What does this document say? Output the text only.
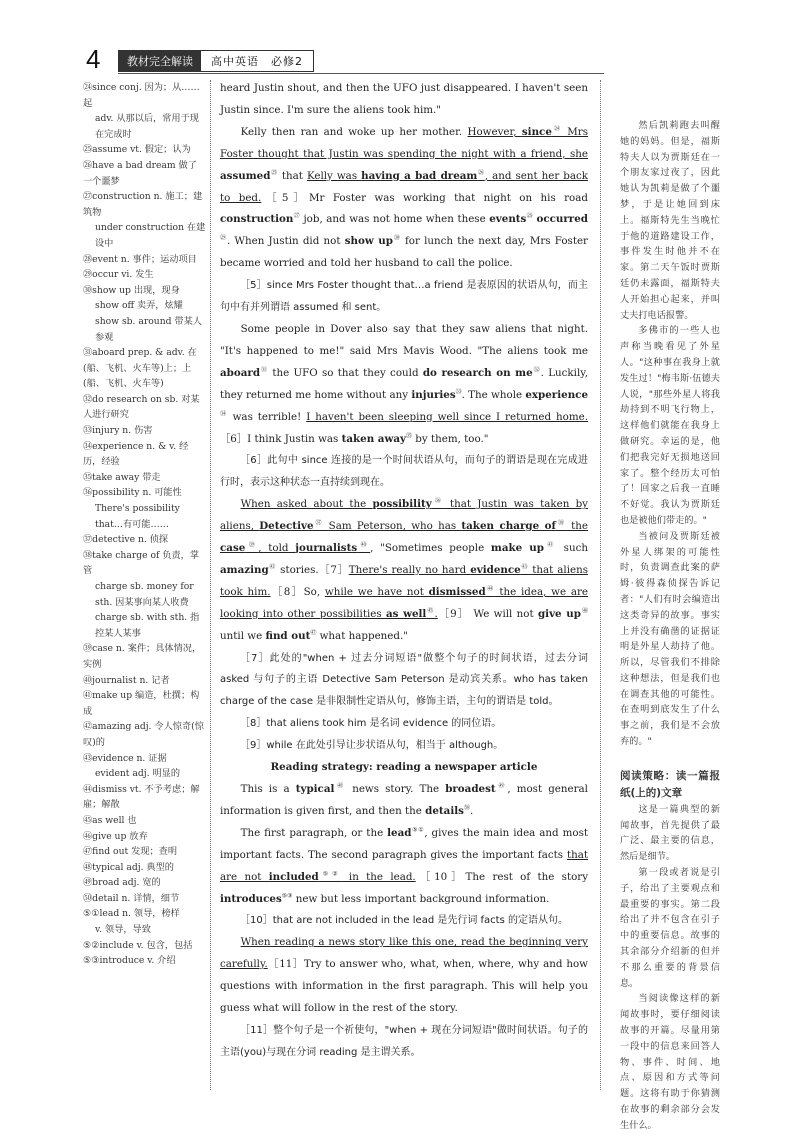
4	教材完全解读	高中英语　必修2
㉔since conj. 因为；从……起
adv. 从那以后，常用于现在完成时
㉕assume vt. 假定；认为
㉖have a bad dream 做了一个噩梦
㉗construction n. 施工；建筑物
under construction 在建设中
㉘event n. 事件；运动项目
㉙occur vi. 发生
㉚show up 出现，现身
show off 卖弄，炫耀
show sb. around 带某人参观
㉛aboard prep. & adv. 在(船、飞机、火车等)上；上(船、飞机、火车等)
㉜do research on sb. 对某人进行研究
㉝injury n. 伤害
㉞experience n. & v. 经历，经验
㉟take away 带走
㊱possibility n. 可能性
There's possibility that…有可能……
㊲detective n. 侦探
㊳take charge of 负责，掌管
charge sb. money for sth. 因某事向某人收费
charge sb. with sth. 指控某人某事
㊴case n. 案件；具体情况，实例
㊵journalist n. 记者
㊶make up 编造，杜撰；构成
㊷amazing adj. 令人惊奇(惊叹)的
㊸evidence n. 证据
evident adj. 明显的
㊹dismiss vt. 不予考虑；解雇；解散
㊺as well 也
㊻give up 放弃
㊼find out 发现；查明
㊽typical adj. 典型的
㊾broad adj. 宽的
㊿detail n. 详情，细节
⑤①lead n. 领导，榜样
v. 领导，导致
⑤②include v. 包含，包括
⑤③introduce v. 介绍

heard Justin shout, and then the UFO just disappeared. I haven't seen Justin since. I'm sure the aliens took him."

Kelly then ran and woke up her mother. However, since$^㉔$ Mrs Foster thought that Justin was spending the night with a friend, she assumed$^㉕$ that Kelly was having a bad dream$^㉖$, and sent her back to bed.［5］Mr Foster was working that night on his road construction$^㉗$ job, and was not home when these events$^㉘$ occurred$^㉙$. When Justin did not show $up^㉚$ for lunch the next day, Mrs Foster became worried and told her husband to call the police.

［5］since Mrs Foster thought that…a friend 是表原因的状语从句，而主句中有并列谓语 assumed 和 sent。

Some people in Dover also say that they saw aliens that night. "It's happened to me!" said Mrs Mavis Wood. "The aliens took me aboard$^㉛$ the UFO so that they could do research on $me^㉜$. Luckily, they returned me home without any injuries$^㉝$. The whole experience$^㉞$ was terrible! I haven't been sleeping well since I returned home.［6］I think Justin was taken away$^㉟$ by them, too."

［6］此句中 since 连接的是一个时间状语从句，而句子的谓语是现在完成进行时，表示这种状态一直持续到现在。

When asked about the possibility$^㊱$ that Justin was taken by aliens, Detective$^㊲$ Sam Peterson, who has taken charge $of^㊳$ the case$^㊴$, told journalists$^㊵$, "Sometimes people make $up^㊶$ such amazing$^㊷$ stories.［7］There's really no hard evidence$^㊸$ that aliens took him.［8］So, while we have not dismissed$^㊹$ the idea, we are looking into other possibilities as well$^㊺$.［9］ We will not give $up^㊻$ until we find out$^㊼$ what happened."

［7］此处的"when + 过去分词短语"做整个句子的时间状语，过去分词 asked 与句子的主语 Detective Sam Peterson 是动宾关系。who has taken charge of the case 是非限制性定语从句，修饰主语，主句的谓语是 told。

［8］that aliens took him 是名词 evidence 的同位语。

［9］while 在此处引导让步状语从句，相当于 although。

Reading strategy: reading a newspaper article

This is a typical$^㊽$ news story. The broadest$^㊾$, most general information is given first, and then the details$^㊿$.

The first paragraph, or the lead⑤①, gives the main idea and most important facts. The second paragraph gives the important facts that are not included⑤② in the lead.［10］The rest of the story introduces⑤③ new but less important background information.

［10］that are not included in the lead 是先行词 facts 的定语从句。

When reading a news story like this one, read the beginning very carefully.［11］Try to answer who, what, when, where, why and how questions with information in the first paragraph. This will help you guess what will follow in the rest of the story.

［11］整个句子是一个祈使句，"when + 现在分词短语"做时间状语。句子的主语(you)与现在分词 reading 是主谓关系。

然后凯莉跑去叫醒她的妈妈。但是，福斯特夫人以为贾斯廷在一个朋友家过夜了，因此她认为凯莉是做了个噩梦，于是让她回到床上。福斯特先生当晚忙于他的道路建设工作，事件发生时他并不在家。第二天午饭时贾斯廷仍未露面，福斯特夫人开始担心起来，并叫丈夫打电话报警。

多佛市的一些人也声称当晚看见了外星人。"这种事在我身上就发生过！"梅韦斯·伍德夫人说，"那些外星人将我劫持到不明飞行物上，这样他们就能在我身上做研究。幸运的是，他们把我完好无损地送回家了。整个经历太可怕了！回家之后我一直睡不好觉。我认为贾斯廷也是被他们带走的。"

当被问及贾斯廷被外星人绑架的可能性时，负责调查此案的萨姆·彼得森侦探告诉记者："人们有时会编造出这类奇异的故事。事实上并没有确凿的证据证明是外星人劫持了他。所以，尽管我们不排除这种想法，但是我们也在调查其他的可能性。在查明到底发生了什么事之前，我们是不会放弃的。"

阅读策略：读一篇报纸(上的)文章

这是一篇典型的新闻故事，首先提供了最广泛、最主要的信息，然后是细节。

第一段或者说是引子，给出了主要观点和最重要的事实。第二段给出了并不包含在引子中的重要信息。故事的其余部分介绍新的但并不那么重要的背景信息。

当阅读像这样的新闻故事时，要仔细阅读故事的开篇。尽量用第一段中的信息来回答人物、事件、时间、地点、原因和方式等问题。这将有助于你猜测在故事的剩余部分会发生什么。
